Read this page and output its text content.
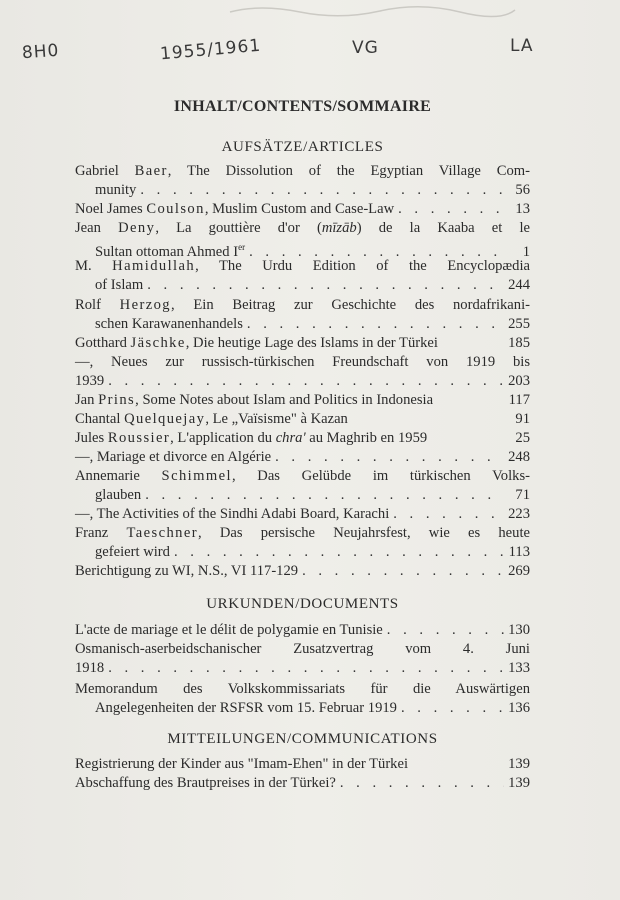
8H0	1955/1961	VG	LA
INHALT/CONTENTS/SOMMAIRE
AUFSÄTZE/ARTICLES
Gabriel Baer, The Dissolution of the Egyptian Village Com-
munity . . .	56
Noel James Coulson, Muslim Custom and Case-Law . . .	13
Jean Deny, La gouttière d'or (mīzāb) de la Kaaba et le
Sultan ottoman Ahmed Ier . . .	1
M. Hamidullah, The Urdu Edition of the Encyclopædia
of Islam . . .	244
Rolf Herzog, Ein Beitrag zur Geschichte des nordafrikani-
schen Karawanenhandels . . .	255
Gotthard Jäschke, Die heutige Lage des Islams in der Türkei	185
—, Neues zur russisch-türkischen Freundschaft von 1919 bis
1939 . . .	203
Jan Prins, Some Notes about Islam and Politics in Indonesia	117
Chantal Quelquejay, Le „Vaïsisme" à Kazan	91
Jules Roussier, L'application du chra' au Maghrib en 1959	25
—, Mariage et divorce en Algérie . . .	248
Annemarie Schimmel, Das Gelübde im türkischen Volks-
glauben . . .	71
—, The Activities of the Sindhi Adabi Board, Karachi . . .	223
Franz Taeschner, Das persische Neujahrsfest, wie es heute
gefeiert wird . . .	113
Berichtigung zu WI, N.S., VI 117-129 . . .	269
URKUNDEN/DOCUMENTS
L'acte de mariage et le délit de polygamie en Tunisie . . .	130
Osmanisch-aserbeidschanischer Zusatzvertrag vom 4. Juni
1918 . . .	133
Memorandum des Volkskommissariats für die Auswärtigen
Angelegenheiten der RSFSR vom 15. Februar 1919 . . .	136
MITTEILUNGEN/COMMUNICATIONS
Registrierung der Kinder aus "Imam-Ehen" in der Türkei	139
Abschaffung des Brautpreises in der Türkei? . . .	139
